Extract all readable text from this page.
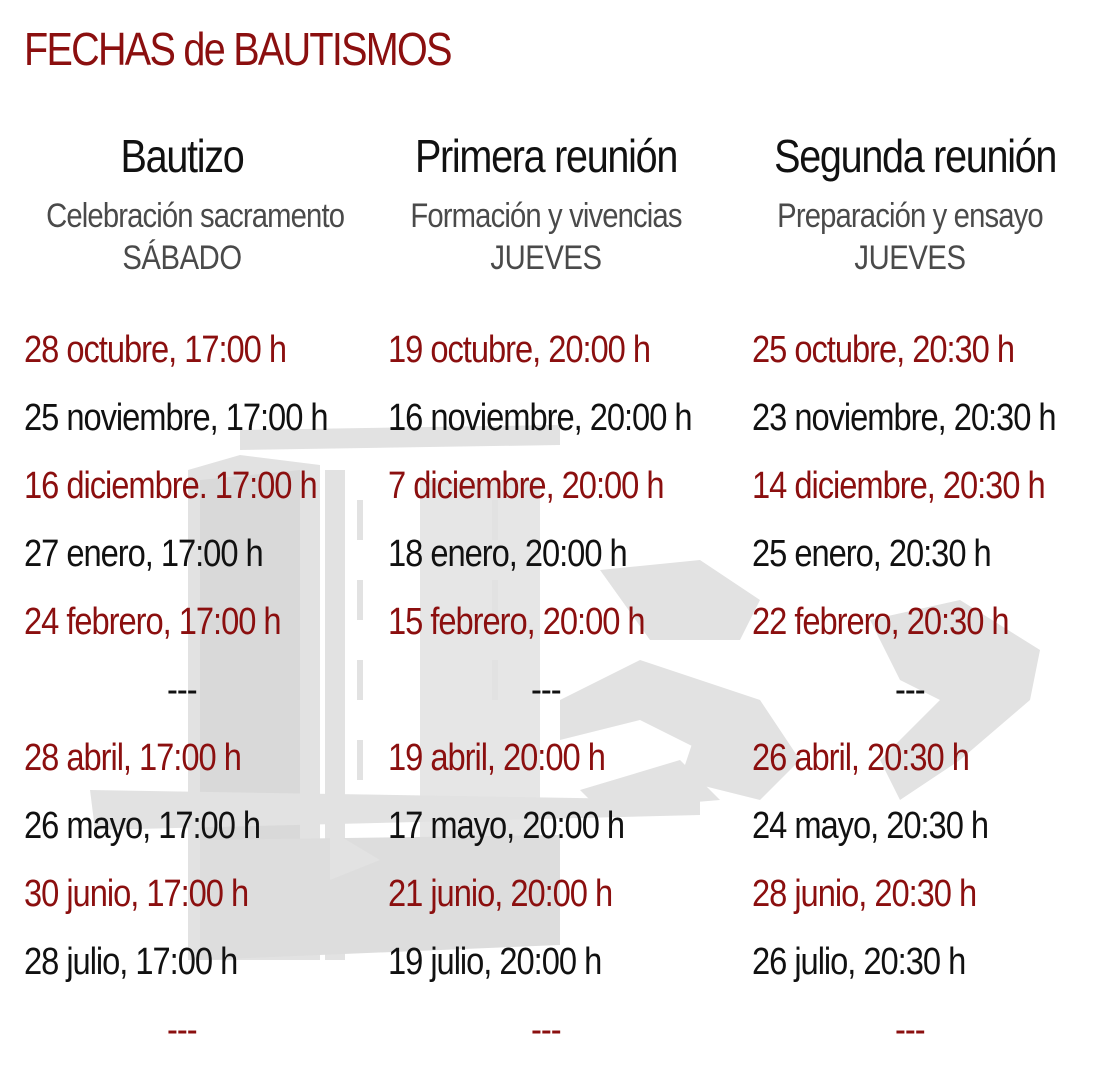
FECHAS de BAUTISMOS
Bautizo
Celebración sacramento
SÁBADO
28 octubre, 17:00 h
25 noviembre, 17:00 h
16 diciembre. 17:00 h
27 enero, 17:00 h
24 febrero, 17:00 h
---
28 abril, 17:00 h
26 mayo, 17:00 h
30 junio, 17:00 h
28 julio, 17:00 h
---
Primera reunión
Formación y vivencias
JUEVES
19 octubre, 20:00 h
16 noviembre, 20:00 h
7 diciembre, 20:00 h
18 enero, 20:00 h
15 febrero, 20:00 h
---
19 abril, 20:00 h
17 mayo, 20:00 h
21 junio, 20:00 h
19 julio, 20:00 h
---
Segunda reunión
Preparación y ensayo
JUEVES
25 octubre, 20:30 h
23 noviembre, 20:30 h
14 diciembre, 20:30 h
25 enero, 20:30 h
22 febrero, 20:30 h
---
26 abril, 20:30 h
24 mayo, 20:30 h
28 junio, 20:30 h
26 julio, 20:30 h
---
